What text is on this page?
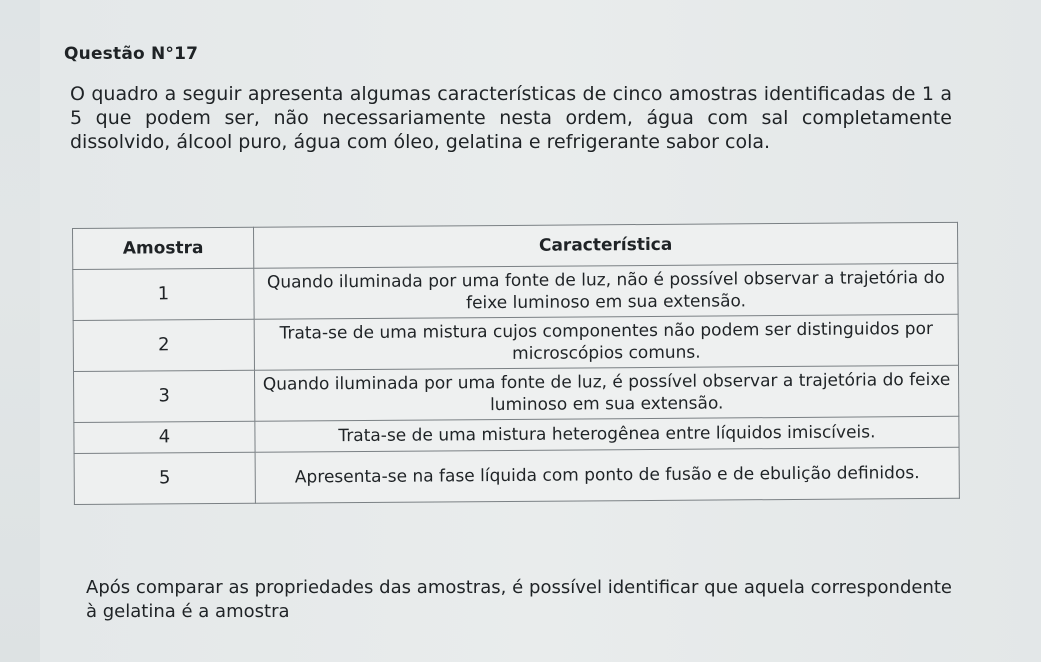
Questão N°17
O quadro a seguir apresenta algumas características de cinco amostras identificadas de 1 a 5 que podem ser, não necessariamente nesta ordem, água com sal completamente dissolvido, álcool puro, água com óleo, gelatina e refrigerante sabor cola.
Amostra	Característica
1	Quando iluminada por uma fonte de luz, não é possível observar a trajetória do feixe luminoso em sua extensão.
2	Trata-se de uma mistura cujos componentes não podem ser distinguidos por microscópios comuns.
3	Quando iluminada por uma fonte de luz, é possível observar a trajetória do feixe luminoso em sua extensão.
4	Trata-se de uma mistura heterogênea entre líquidos imiscíveis.
5	Apresenta-se na fase líquida com ponto de fusão e de ebulição definidos.
Após comparar as propriedades das amostras, é possível identificar que aquela correspondente à gelatina é a amostra
